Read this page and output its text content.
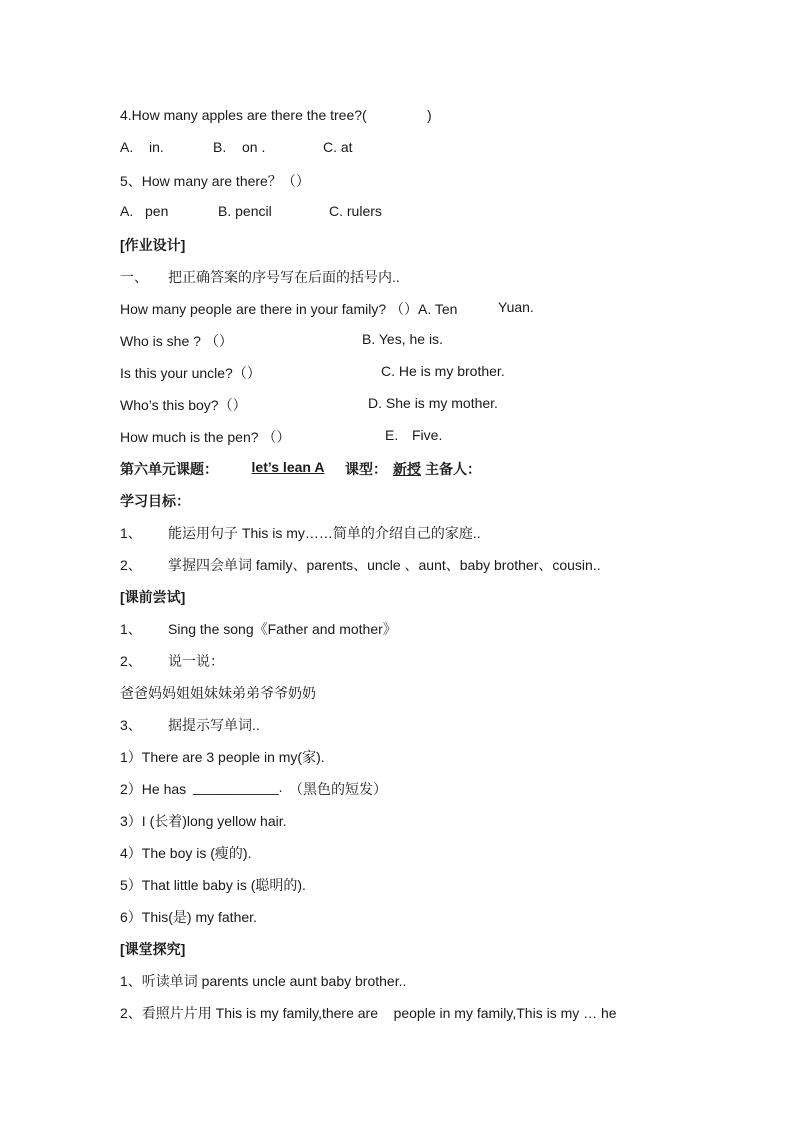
4.How many apples are there the tree?(	)
A. in.	B. on .	C. at
5、How many are there？（）
A. pen	B. pencil	C. rulers
[作业设计]
一、 把正确答案的序号写在后面的括号内..
How many people are there in your family? （）A. Ten	Yuan.
Who is she ? （）	B. Yes, he is.
Is this your uncle?（）	C. He is my brother.
Who’s this boy?（）	D. She is my mother.
How much is the pen? （）	E. Five.
第六单元课题：	let’s lean A	课型： 新授 主备人：
学习目标：
1、 能运用句子 This is my……简单的介绍自己的家庭..
2、 掌握四会单词 family、parents、uncle 、aunt、baby brother、cousin..
[课前尝试]
1、 Sing the song《Father and mother》
2、 说一说：
爸爸妈妈姐姐妹妹弟弟爷爷奶奶
3、 据提示写单词..
1）There are 3 people in my(家).
2）He has ___________. （黑色的短发）
3）I (长着)long yellow hair.
4）The boy is (瘦的).
5）That little baby is (聪明的).
6）This(是) my father.
[课堂探究]
1、听读单词 parents uncle aunt baby brother..
2、看照片片用 This is my family,there are    people in my family,This is my … he
